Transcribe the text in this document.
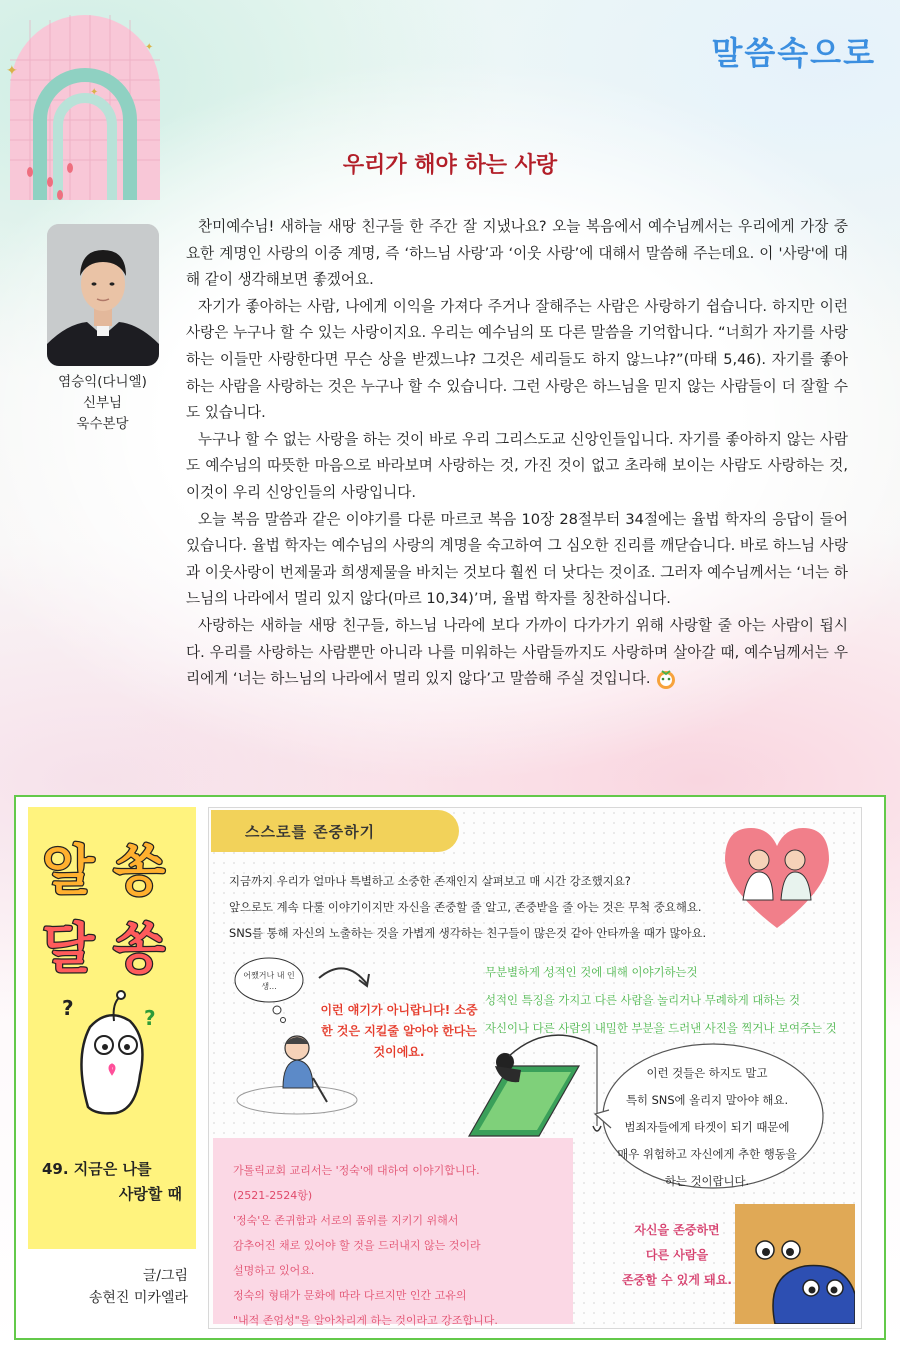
✦
✦
✦
말씀속으로
우리가 해야 하는 사랑
염승익(다니엘)
신부님
욱수본당

찬미예수님! 새하늘 새땅 친구들 한 주간 잘 지냈나요? 오늘 복음에서 예수님께서는 우리에게 가장 중요한 계명인 사랑의 이중 계명, 즉 ‘하느님 사랑’과 ‘이웃 사랑’에 대해서 말씀해 주는데요. 이 '사랑'에 대해 같이 생각해보면 좋겠어요.

자기가 좋아하는 사람, 나에게 이익을 가져다 주거나 잘해주는 사람은 사랑하기 쉽습니다. 하지만 이런 사랑은 누구나 할 수 있는 사랑이지요. 우리는 예수님의 또 다른 말씀을 기억합니다. “너희가 자기를 사랑하는 이들만 사랑한다면 무슨 상을 받겠느냐? 그것은 세리들도 하지 않느냐?”(마태 5,46). 자기를 좋아하는 사람을 사랑하는 것은 누구나 할 수 있습니다. 그런 사랑은 하느님을 믿지 않는 사람들이 더 잘할 수도 있습니다.

누구나 할 수 없는 사랑을 하는 것이 바로 우리 그리스도교 신앙인들입니다. 자기를 좋아하지 않는 사람도 예수님의 따뜻한 마음으로 바라보며 사랑하는 것, 가진 것이 없고 초라해 보이는 사람도 사랑하는 것, 이것이 우리 신앙인들의 사랑입니다.

오늘 복음 말씀과 같은 이야기를 다룬 마르코 복음 10장 28절부터 34절에는 율법 학자의 응답이 들어있습니다. 율법 학자는 예수님의 사랑의 계명을 숙고하여 그 심오한 진리를 깨닫습니다. 바로 하느님 사랑과 이웃사랑이 번제물과 희생제물을 바치는 것보다 훨씬 더 낫다는 것이죠. 그러자 예수님께서는 ‘너는 하느님의 나라에서 멀리 있지 않다(마르 10,34)’며, 율법 학자를 칭찬하십니다.

사랑하는 새하늘 새땅 친구들, 하느님 나라에 보다 가까이 다가가기 위해 사랑할 줄 아는 사람이 됩시다. 우리를 사랑하는 사람뿐만 아니라 나를 미워하는 사람들까지도 사랑하며 살아갈 때, 예수님께서는 우리에게 ‘너는 하느님의 나라에서 멀리 있지 않다’고 말씀해 주실 것입니다.

알 쏭
달 쏭
?	?
49. 지금은 나를
사랑할 때
글/그림
송현진 미카엘라
스스로를 존중하기
지금까지 우리가 얼마나 특별하고 소중한 존재인지 살펴보고 매 시간 강조했지요?
앞으로도 계속 다룰 이야기이지만 자신을 존중할 줄 알고, 존중받을 줄 아는 것은 무척 중요해요.
SNS를 통해 자신의 노출하는 것을 가볍게 생각하는 친구들이 많은것 같아 안타까울 때가 많아요.
어쨌거나 내 인생...
이런 얘기가 아니랍니다! 소중한 것은 지킬줄 알아야 한다는 것이에요.
무분별하게 성적인 것에 대해 이야기하는것
성적인 특징을 가지고 다른 사람을 놀리거나 무례하게 대하는 것
자신이나 다른 사람의 내밀한 부분을 드러낸 사진을 찍거나 보여주는 것
이런 것들은 하지도 말고
특히 SNS에 올리지 말아야 해요.
범죄자들에게 타겟이 되기 때문에
매우 위험하고 자신에게 추한 행동을
하는 것이랍니다.
가톨릭교회 교리서는 '정숙'에 대하여 이야기합니다.
(2521-2524항)
'정숙'은 존귀함과 서로의 품위를 지키기 위해서
감추어진 채로 있어야 할 것을 드러내지 않는 것이라
설명하고 있어요.
정숙의 형태가 문화에 따라 다르지만 인간 고유의
"내적 존엄성"을 알아차리게 하는 것이라고 강조합니다.
자신을 존중하면
다른 사람을
존중할 수 있게 돼요.
